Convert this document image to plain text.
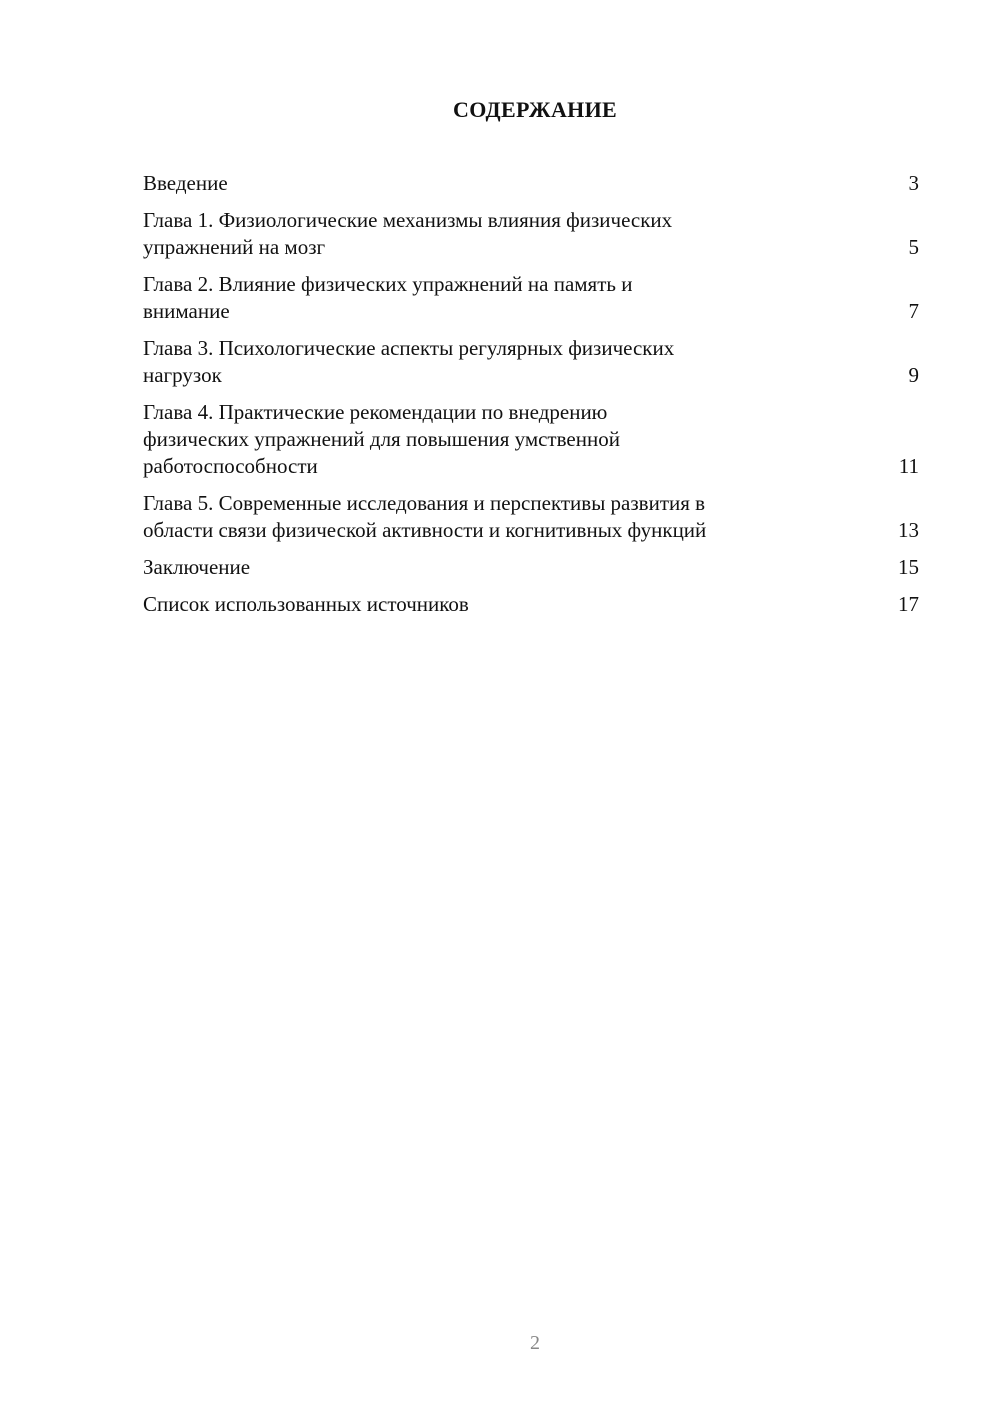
СОДЕРЖАНИЕ
Введение	3
Глава 1. Физиологические механизмы влияния физических
упражнений на мозг	5
Глава 2. Влияние физических упражнений на память и
внимание	7
Глава 3. Психологические аспекты регулярных физических
нагрузок	9
Глава 4. Практические рекомендации по внедрению
физических упражнений для повышения умственной
работоспособности	11
Глава 5. Современные исследования и перспективы развития в
области связи физической активности и когнитивных функций	13
Заключение	15
Список использованных источников	17
2
